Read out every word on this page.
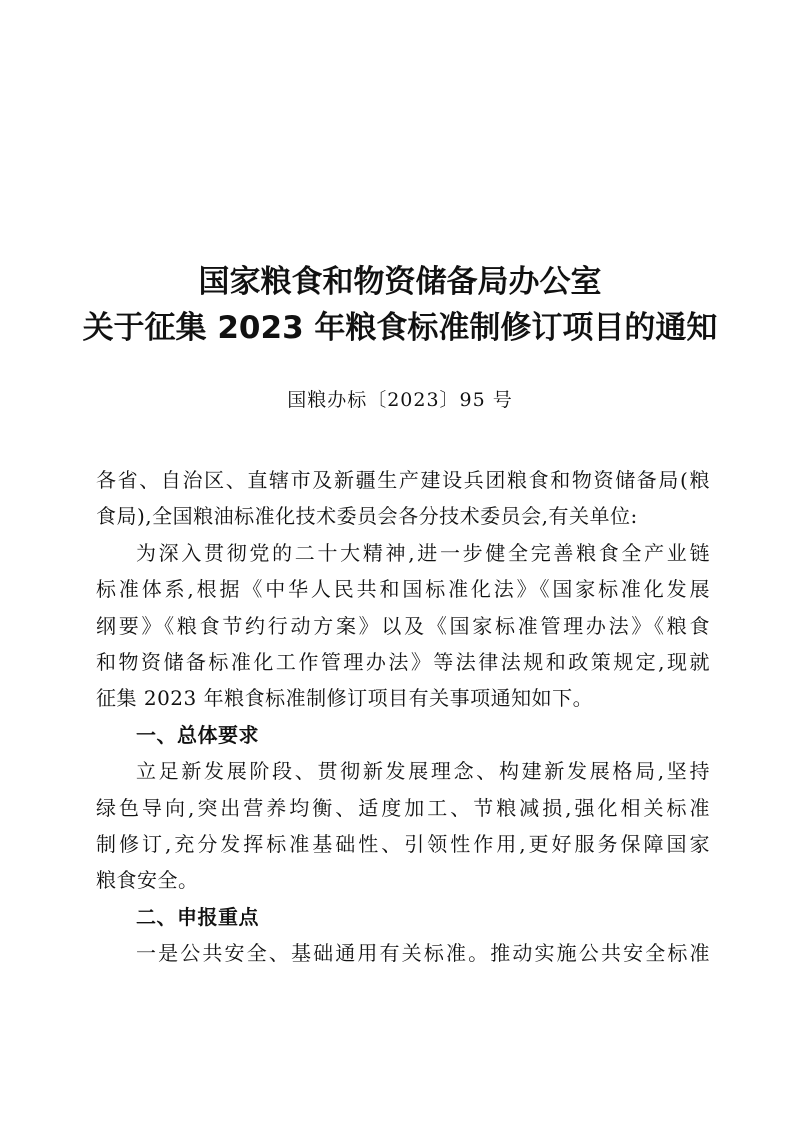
国家粮食和物资储备局办公室
关于征集 2023 年粮食标准制修订项目的通知
国粮办标〔2023〕95 号
各省、自治区、直辖市及新疆生产建设兵团粮食和物资储备局(粮
食局),全国粮油标准化技术委员会各分技术委员会,有关单位:
为深入贯彻党的二十大精神,进一步健全完善粮食全产业链
标准体系,根据《中华人民共和国标准化法》《国家标准化发展
纲要》《粮食节约行动方案》以及《国家标准管理办法》《粮食
和物资储备标准化工作管理办法》等法律法规和政策规定,现就
征集 2023 年粮食标准制修订项目有关事项通知如下。
一、总体要求
立足新发展阶段、贯彻新发展理念、构建新发展格局,坚持
绿色导向,突出营养均衡、适度加工、节粮减损,强化相关标准
制修订,充分发挥标准基础性、引领性作用,更好服务保障国家
粮食安全。
二、申报重点
一是公共安全、基础通用有关标准。推动实施公共安全标准
